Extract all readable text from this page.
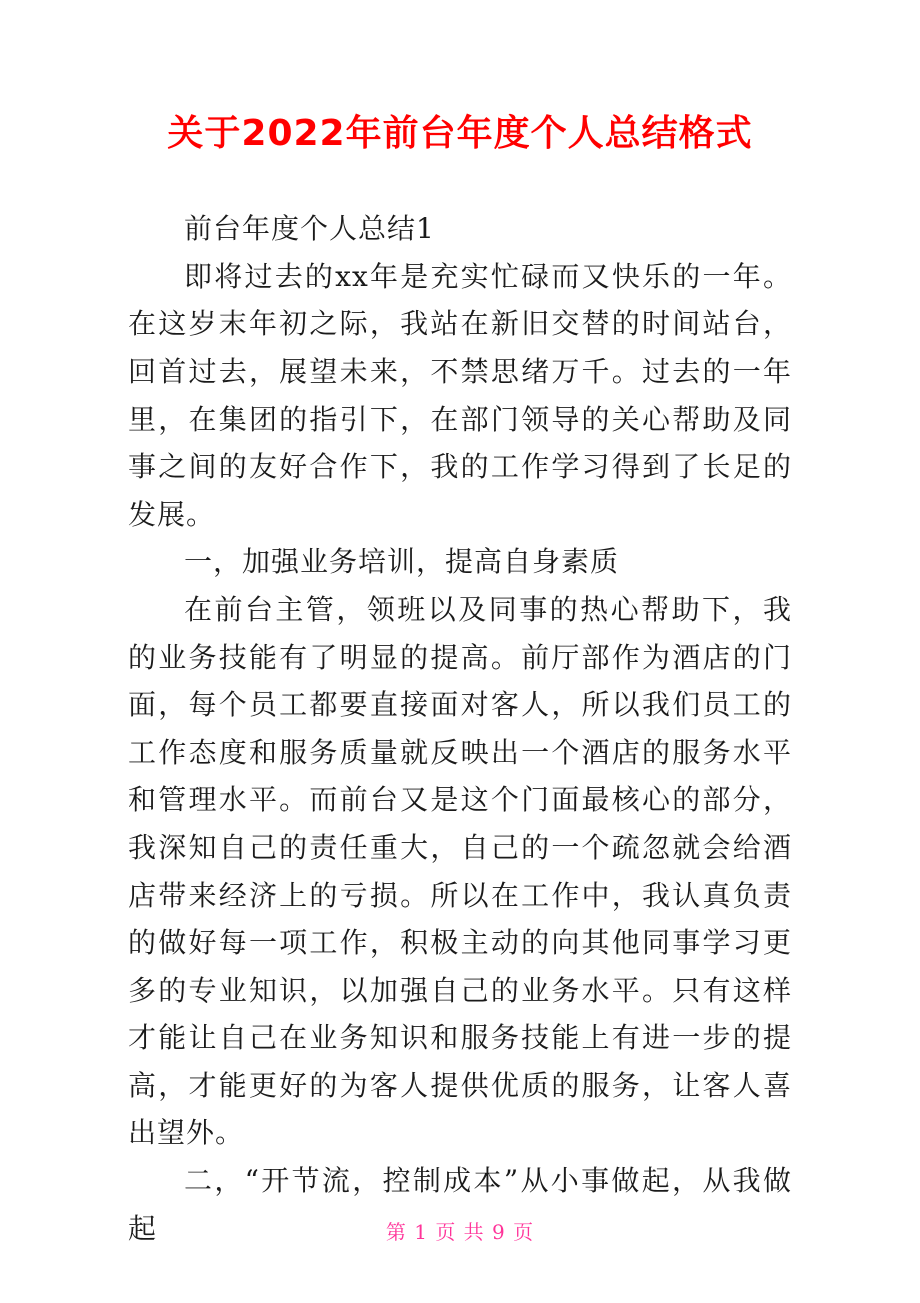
关于2022年前台年度个人总结格式

前台年度个人总结1

即将过去的xx年是充实忙碌而又快乐的一年。在这岁末年初之际，我站在新旧交替的时间站台，回首过去，展望未来，不禁思绪万千。过去的一年里，在集团的指引下，在部门领导的关心帮助及同事之间的友好合作下，我的工作学习得到了长足的发展。

一，加强业务培训，提高自身素质

在前台主管，领班以及同事的热心帮助下，我的业务技能有了明显的提高。前厅部作为酒店的门面，每个员工都要直接面对客人，所以我们员工的工作态度和服务质量就反映出一个酒店的服务水平和管理水平。而前台又是这个门面最核心的部分，我深知自己的责任重大，自己的一个疏忽就会给酒店带来经济上的亏损。所以在工作中，我认真负责的做好每一项工作，积极主动的向其他同事学习更多的专业知识，以加强自己的业务水平。只有这样才能让自己在业务知识和服务技能上有进一步的提高，才能更好的为客人提供优质的服务，让客人喜出望外。

二，“开节流，控制成本”从小事做起，从我做起	第 1 页 共 9 页
